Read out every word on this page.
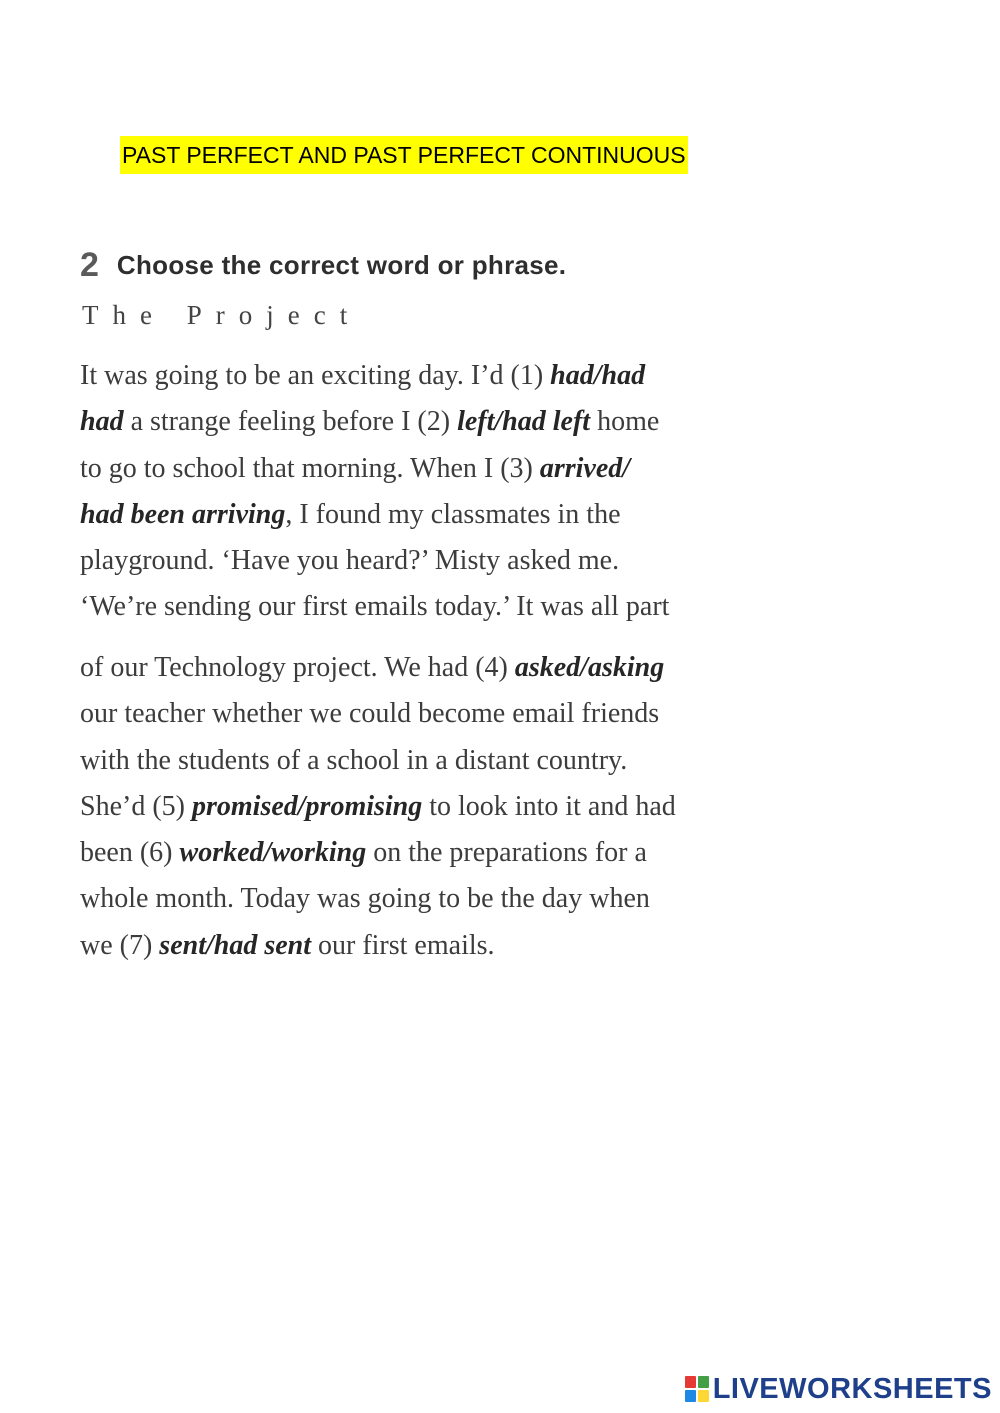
PAST PERFECT AND PAST PERFECT CONTINUOUS
2 Choose the correct word or phrase.
The Project
It was going to be an exciting day. I’d (1) had/had
had a strange feeling before I (2) left/had left home
to go to school that morning. When I (3) arrived/
had been arriving, I found my classmates in the
playground. ‘Have you heard?’ Misty asked me.
‘We’re sending our first emails today.’ It was all part
of our Technology project. We had (4) asked/asking
our teacher whether we could become email friends
with the students of a school in a distant country.
She’d (5) promised/promising to look into it and had
been (6) worked/working on the preparations for a
whole month. Today was going to be the day when
we (7) sent/had sent our first emails.
LIVEWORKSHEETS
